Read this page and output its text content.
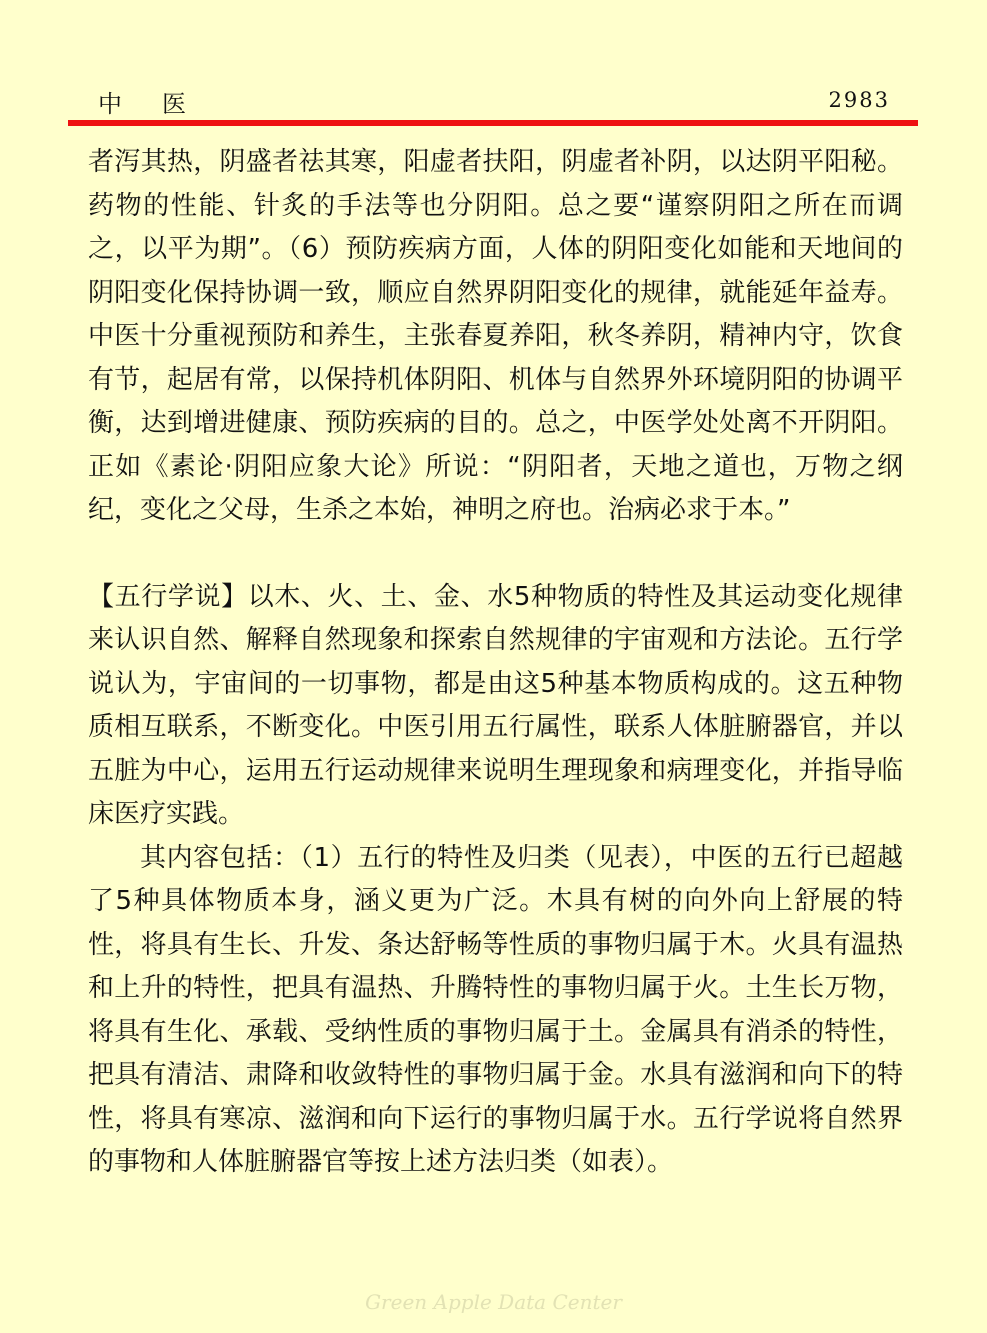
中医	2983

者泻其热，阴盛者祛其寒，阳虚者扶阳，阴虚者补阴，以达阴平阳秘。药物的性能、针炙的手法等也分阴阳。总之要“谨察阴阳之所在而调之，以平为期”。（6）预防疾病方面，人体的阴阳变化如能和天地间的阴阳变化保持协调一致，顺应自然界阴阳变化的规律，就能延年益寿。中医十分重视预防和养生，主张春夏养阳，秋冬养阴，精神内守，饮食有节，起居有常，以保持机体阴阳、机体与自然界外环境阴阳的协调平衡，达到增进健康、预防疾病的目的。总之，中医学处处离不开阴阳。正如《素论·阴阳应象大论》所说：“阴阳者，天地之道也，万物之纲纪，变化之父母，生杀之本始，神明之府也。治病必求于本。”

【五行学说】以木、火、土、金、水5种物质的特性及其运动变化规律来认识自然、解释自然现象和探索自然规律的宇宙观和方法论。五行学说认为，宇宙间的一切事物，都是由这5种基本物质构成的。这五种物质相互联系，不断变化。中医引用五行属性，联系人体脏腑器官，并以五脏为中心，运用五行运动规律来说明生理现象和病理变化，并指导临床医疗实践。

其内容包括：（1）五行的特性及归类（见表），中医的五行已超越了5种具体物质本身，涵义更为广泛。木具有树的向外向上舒展的特性，将具有生长、升发、条达舒畅等性质的事物归属于木。火具有温热和上升的特性，把具有温热、升腾特性的事物归属于火。土生长万物，将具有生化、承载、受纳性质的事物归属于土。金属具有消杀的特性，把具有清洁、肃降和收敛特性的事物归属于金。水具有滋润和向下的特性，将具有寒凉、滋润和向下运行的事物归属于水。五行学说将自然界的事物和人体脏腑器官等按上述方法归类（如表）。

Green Apple Data Center
